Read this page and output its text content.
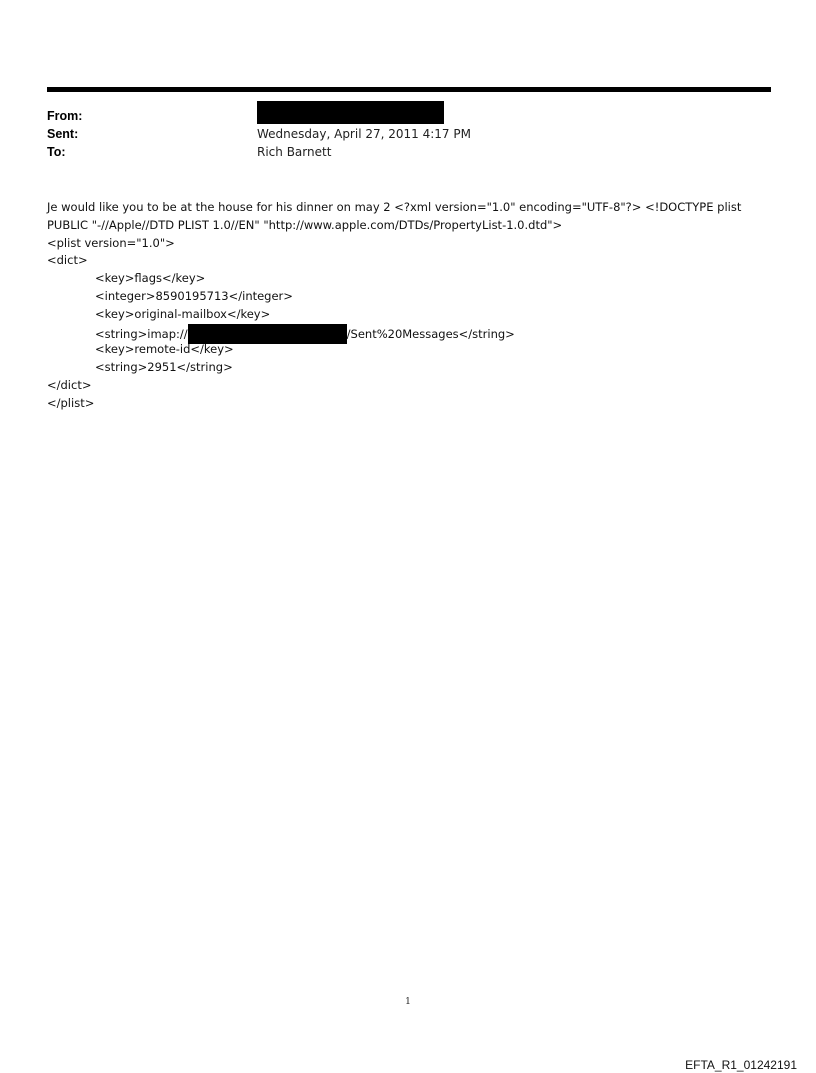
From:
Sent:	Wednesday, April 27, 2011 4:17 PM
To:	Rich Barnett
Je would like you to be at the house for his dinner on may 2 <?xml version="1.0" encoding="UTF-8"?> <!DOCTYPE plist
PUBLIC "-//Apple//DTD PLIST 1.0//EN" "http://www.apple.com/DTDs/PropertyList-1.0.dtd">
<plist version="1.0">
<dict>
<key>flags</key>
<integer>8590195713</integer>
<key>original-mailbox</key>
<string>imap://	/Sent%20Messages</string>
<key>remote-id</key>
<string>2951</string>
</dict>
</plist>
1
EFTA_R1_01242191
